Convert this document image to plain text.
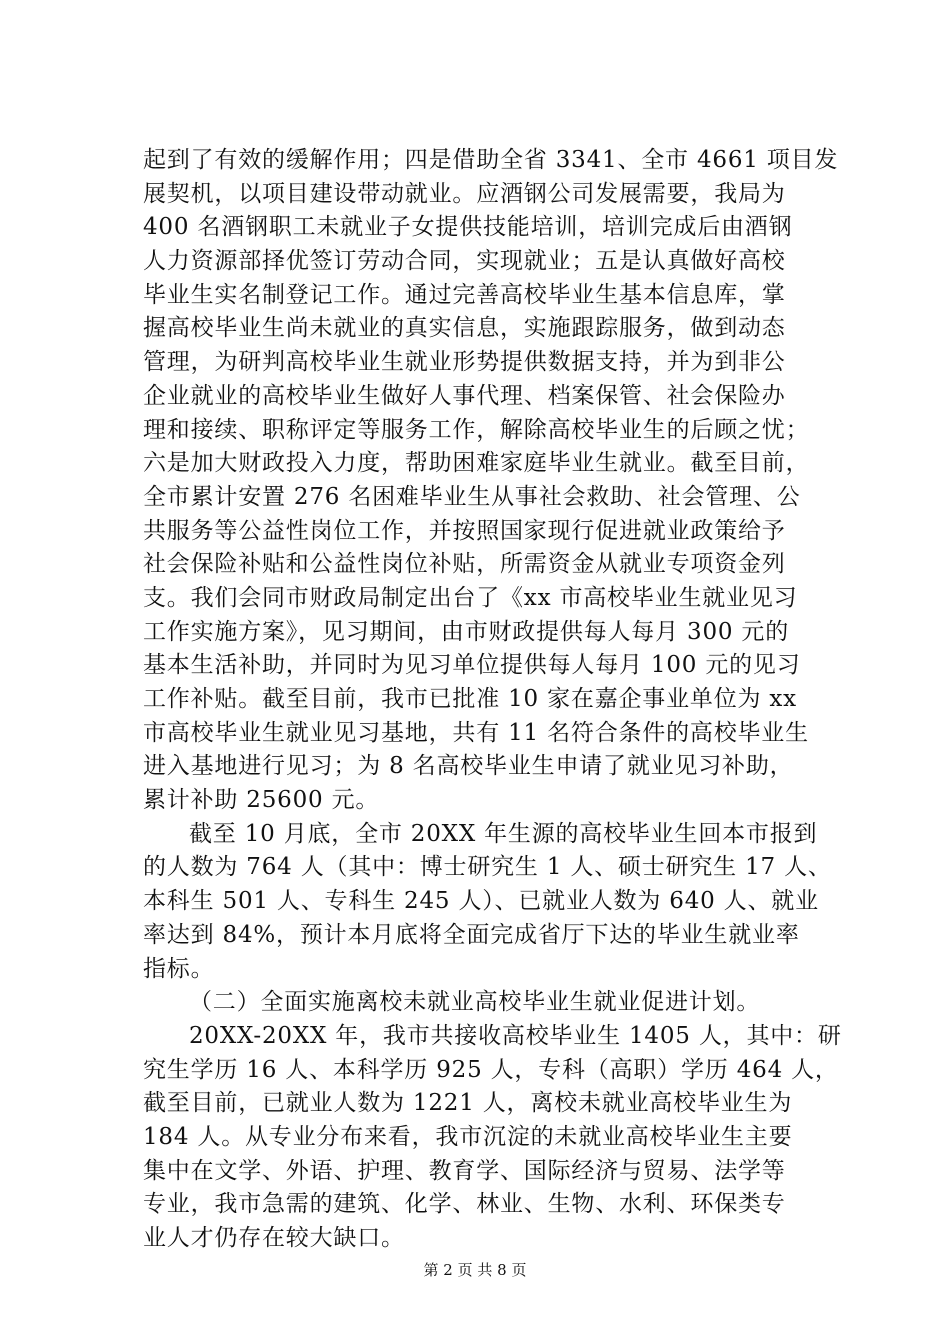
起到了有效的缓解作用；四是借助全省 3341、全市 4661 项目发
展契机，以项目建设带动就业。应酒钢公司发展需要，我局为
400 名酒钢职工未就业子女提供技能培训，培训完成后由酒钢
人力资源部择优签订劳动合同，实现就业；五是认真做好高校
毕业生实名制登记工作。通过完善高校毕业生基本信息库，掌
握高校毕业生尚未就业的真实信息，实施跟踪服务，做到动态
管理，为研判高校毕业生就业形势提供数据支持，并为到非公
企业就业的高校毕业生做好人事代理、档案保管、社会保险办
理和接续、职称评定等服务工作，解除高校毕业生的后顾之忧；
六是加大财政投入力度，帮助困难家庭毕业生就业。截至目前，
全市累计安置 276 名困难毕业生从事社会救助、社会管理、公
共服务等公益性岗位工作，并按照国家现行促进就业政策给予
社会保险补贴和公益性岗位补贴，所需资金从就业专项资金列
支。我们会同市财政局制定出台了《xx 市高校毕业生就业见习
工作实施方案》，见习期间，由市财政提供每人每月 300 元的
基本生活补助，并同时为见习单位提供每人每月 100 元的见习
工作补贴。截至目前，我市已批准 10 家在嘉企事业单位为 xx
市高校毕业生就业见习基地，共有 11 名符合条件的高校毕业生
进入基地进行见习；为 8 名高校毕业生申请了就业见习补助，
累计补助 25600 元。
截至 10 月底，全市 20XX 年生源的高校毕业生回本市报到
的人数为 764 人（其中：博士研究生 1 人、硕士研究生 17 人、
本科生 501 人、专科生 245 人）、已就业人数为 640 人、就业
率达到 84%，预计本月底将全面完成省厅下达的毕业生就业率
指标。
（二）全面实施离校未就业高校毕业生就业促进计划。
20XX-20XX 年，我市共接收高校毕业生 1405 人，其中：研
究生学历 16 人、本科学历 925 人，专科（高职）学历 464 人，
截至目前，已就业人数为 1221 人，离校未就业高校毕业生为
184 人。从专业分布来看，我市沉淀的未就业高校毕业生主要
集中在文学、外语、护理、教育学、国际经济与贸易、法学等
专业，我市急需的建筑、化学、林业、生物、水利、环保类专
业人才仍存在较大缺口。
第 2 页 共 8 页
